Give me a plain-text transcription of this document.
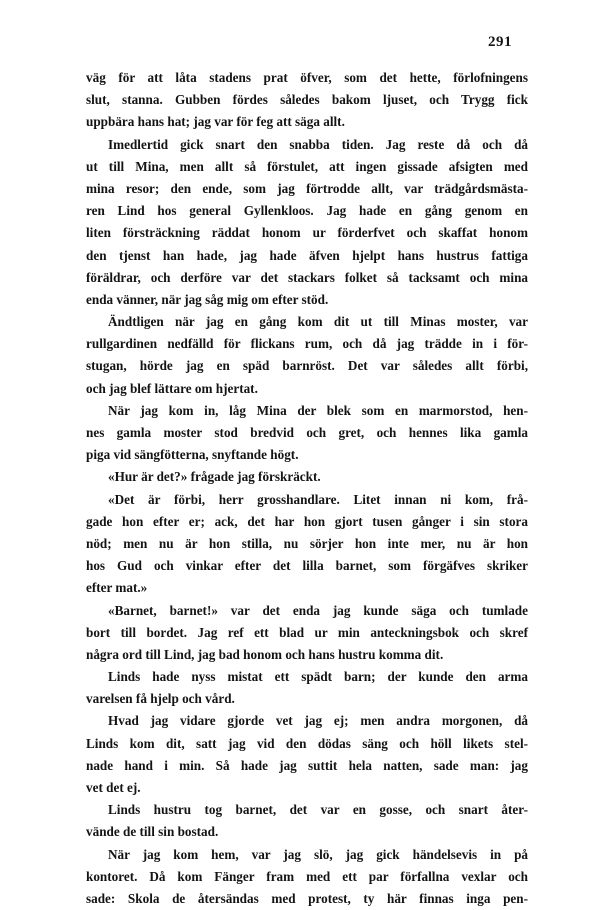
291
väg för att låta stadens prat öfver, som det hette, förlofningens
slut, stanna. Gubben fördes således bakom ljuset, och Trygg fick
uppbära hans hat; jag var för feg att säga allt.
Imedlertid gick snart den snabba tiden. Jag reste då och då
ut till Mina, men allt så förstulet, att ingen gissade afsigten med
mina resor; den ende, som jag förtrodde allt, var trädgårdsmästa-
ren Lind hos general Gyllenkloos. Jag hade en gång genom en
liten försträckning räddat honom ur förderfvet och skaffat honom
den tjenst han hade, jag hade äfven hjelpt hans hustrus fattiga
föräldrar, och derföre var det stackars folket så tacksamt och mina
enda vänner, när jag såg mig om efter stöd.
Ändtligen när jag en gång kom dit ut till Minas moster, var
rullgardinen nedfälld för flickans rum, och då jag trädde in i för-
stugan, hörde jag en späd barnröst. Det var således allt förbi,
och jag blef lättare om hjertat.
När jag kom in, låg Mina der blek som en marmorstod, hen-
nes gamla moster stod bredvid och gret, och hennes lika gamla
piga vid sängfötterna, snyftande högt.
«Hur är det?» frågade jag förskräckt.
«Det är förbi, herr grosshandlare. Litet innan ni kom, frå-
gade hon efter er; ack, det har hon gjort tusen gånger i sin stora
nöd; men nu är hon stilla, nu sörjer hon inte mer, nu är hon
hos Gud och vinkar efter det lilla barnet, som förgäfves skriker
efter mat.»
«Barnet, barnet!» var det enda jag kunde säga och tumlade
bort till bordet. Jag ref ett blad ur min anteckningsbok och skref
några ord till Lind, jag bad honom och hans hustru komma dit.
Linds hade nyss mistat ett spädt barn; der kunde den arma
varelsen få hjelp och vård.
Hvad jag vidare gjorde vet jag ej; men andra morgonen, då
Linds kom dit, satt jag vid den dödas säng och höll likets stel-
nade hand i min. Så hade jag suttit hela natten, sade man: jag
vet det ej.
Linds hustru tog barnet, det var en gosse, och snart åter-
vände de till sin bostad.
När jag kom hem, var jag slö, jag gick händelsevis in på
kontoret. Då kom Fänger fram med ett par förfallna vexlar och
sade: Skola de återsändas med protest, ty här finnas inga pen-
